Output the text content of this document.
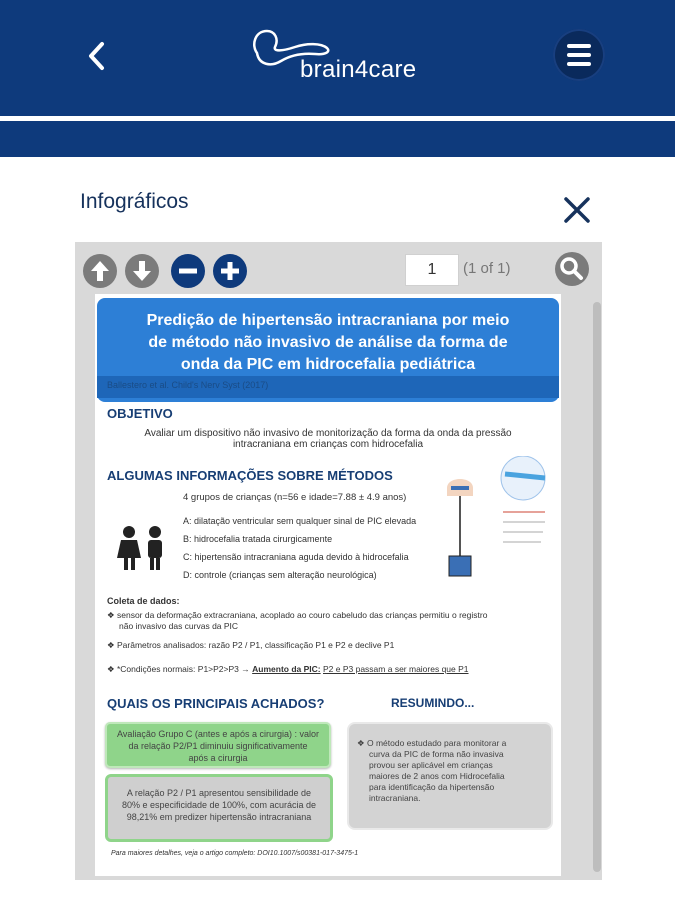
brain4care
Infográficos
1	(1 of 1)
Predição de hipertensão intracraniana por meio
de método não invasivo de análise da forma de
onda da PIC em hidrocefalia pediátrica
Ballestero et al. Child's Nerv Syst (2017)
OBJETIVO
Avaliar um dispositivo não invasivo de monitorização da forma da onda da pressão
intracraniana em crianças com hidrocefalia
ALGUMAS INFORMAÇÕES SOBRE MÉTODOS
4 grupos de crianças (n=56 e idade=7.88 ± 4.9 anos)
A: dilatação ventricular sem qualquer sinal de PIC elevada
B: hidrocefalia tratada cirurgicamente
C: hipertensão intracraniana aguda devido à hidrocefalia
D: controle (crianças sem alteração neurológica)
Coleta de dados:
❖ sensor da deformação extracraniana, acoplado ao couro cabeludo das crianças permitiu o registro
não invasivo das curvas da PIC
❖ Parâmetros analisados: razão P2 / P1, classificação P1 e P2 e declive P1
❖ *Condições normais: P1>P2>P3 → Aumento da PIC: P2 e P3 passam a ser maiores que P1
QUAIS OS PRINCIPAIS ACHADOS?	RESUMINDO...
Avaliação Grupo C (antes e após a cirurgia) : valor
da relação P2/P1 diminuiu significativamente
após a cirurgia
A relação P2 / P1 apresentou sensibilidade de
80% e especificidade de 100%, com acurácia de
98,21% em predizer hipertensão intracraniana
❖ O método estudado para monitorar a
curva da PIC de forma não invasiva
provou ser aplicável em crianças
maiores de 2 anos com Hidrocefalia
para identificação da hipertensão
intracraniana.
Para maiores detalhes, veja o artigo completo: DOI10.1007/s00381-017-3475-1
